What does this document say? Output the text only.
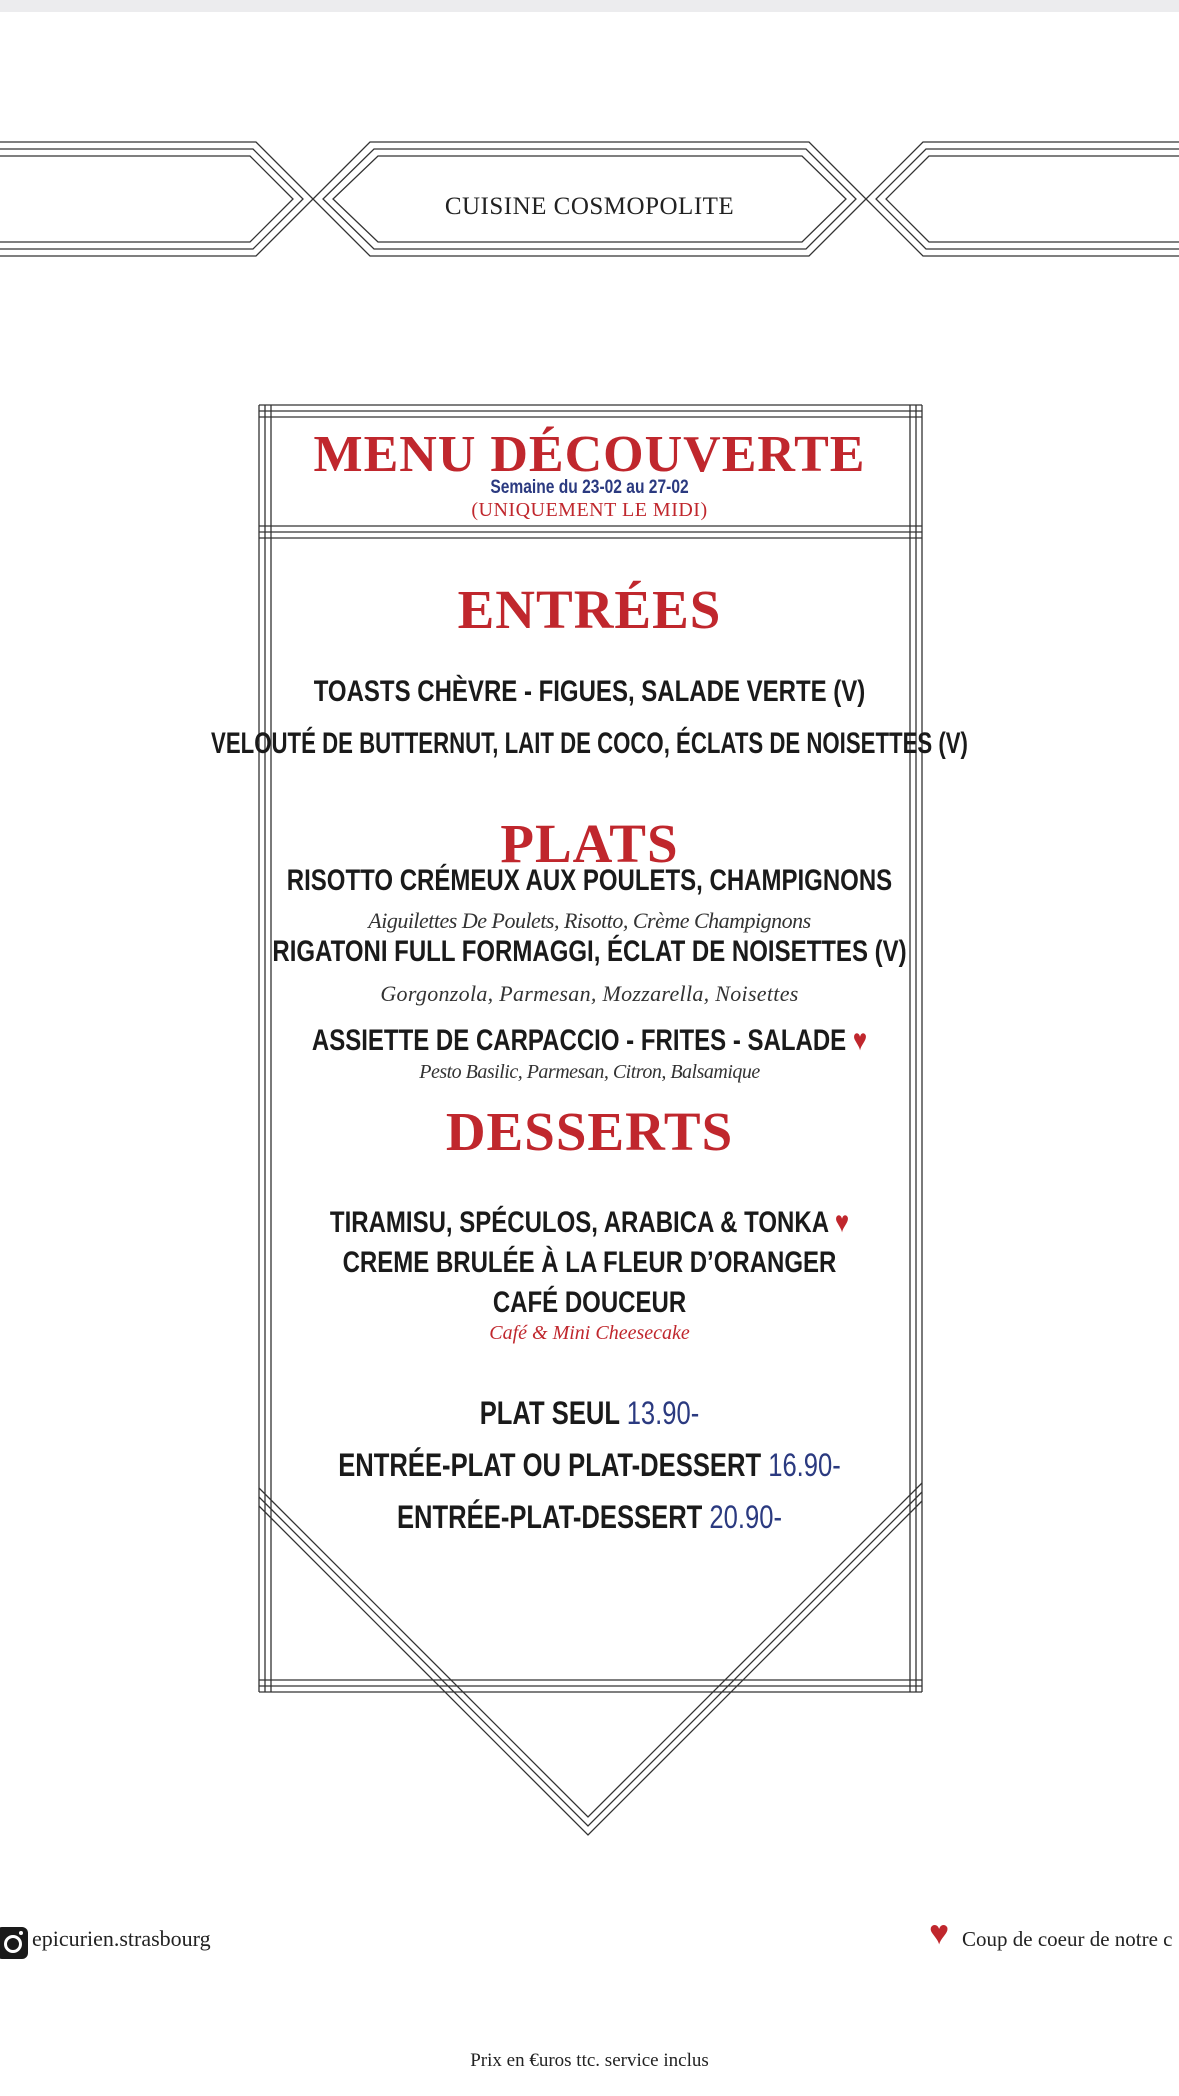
CUISINE COSMOPOLITE
MENU DÉCOUVERTE
Semaine du 23-02 au 27-02
(UNIQUEMENT LE MIDI)
ENTRÉES
TOASTS CHÈVRE - FIGUES, SALADE VERTE (V)
VELOUTÉ DE BUTTERNUT, LAIT DE COCO, ÉCLATS DE NOISETTES (V)
PLATS
RISOTTO CRÉMEUX AUX POULETS, CHAMPIGNONS
Aiguilettes De Poulets, Risotto, Crème Champignons
RIGATONI FULL FORMAGGI, ÉCLAT DE NOISETTES (V)
Gorgonzola, Parmesan, Mozzarella, Noisettes
ASSIETTE DE CARPACCIO - FRITES - SALADE ♥
Pesto Basilic, Parmesan, Citron, Balsamique
DESSERTS
TIRAMISU, SPÉCULOS, ARABICA & TONKA ♥
CREME BRULÉE À LA FLEUR D’ORANGER
CAFÉ DOUCEUR
Café & Mini Cheesecake
PLAT SEUL 13.90-
ENTRÉE-PLAT OU PLAT-DESSERT 16.90-
ENTRÉE-PLAT-DESSERT 20.90-
epicurien.strasbourg	♥ Coup de coeur de notre c
Prix en €uros ttc. service inclus
